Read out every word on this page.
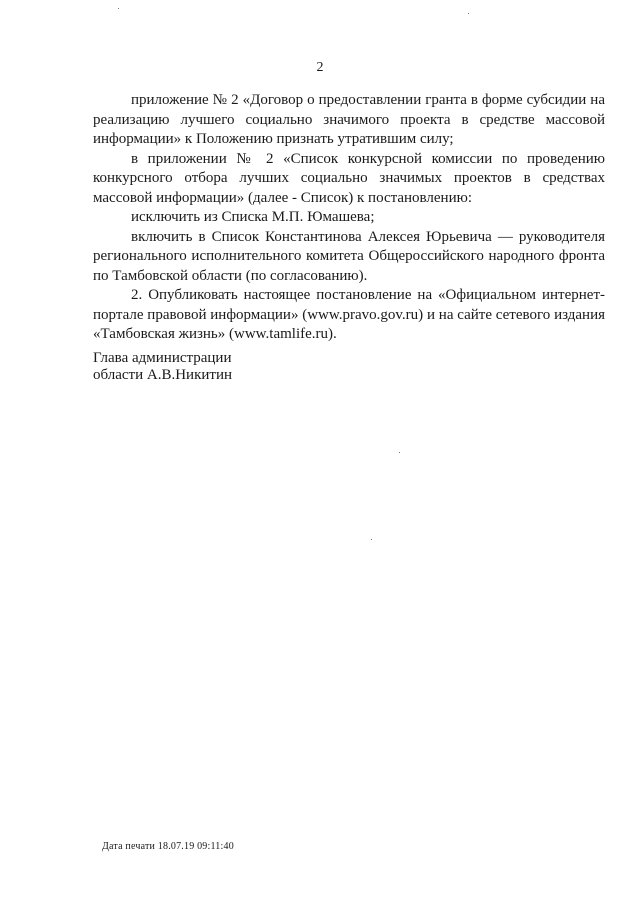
2

приложение № 2 «Договор о предоставлении гранта в форме субсидии на реализацию лучшего социально значимого проекта в средстве массовой информации» к Положению признать утратившим силу;

в приложении № 2 «Список конкурсной комиссии по проведению конкурсного отбора лучших социально значимых проектов в средствах массовой информации» (далее - Список) к постановлению:

исключить из Списка М.П. Юмашева;

включить в Список Константинова Алексея Юрьевича — руководителя регионального исполнительного комитета Общероссийского народного фронта по Тамбовской области (по согласованию).

2. Опубликовать настоящее постановление на «Официальном интернет-портале правовой информации» (www.pravo.gov.ru) и на сайте сетевого издания «Тамбовская жизнь» (www.tamlife.ru).

Глава администрации
области А.В.Никитин
Дата печати 18.07.19 09:11:40
